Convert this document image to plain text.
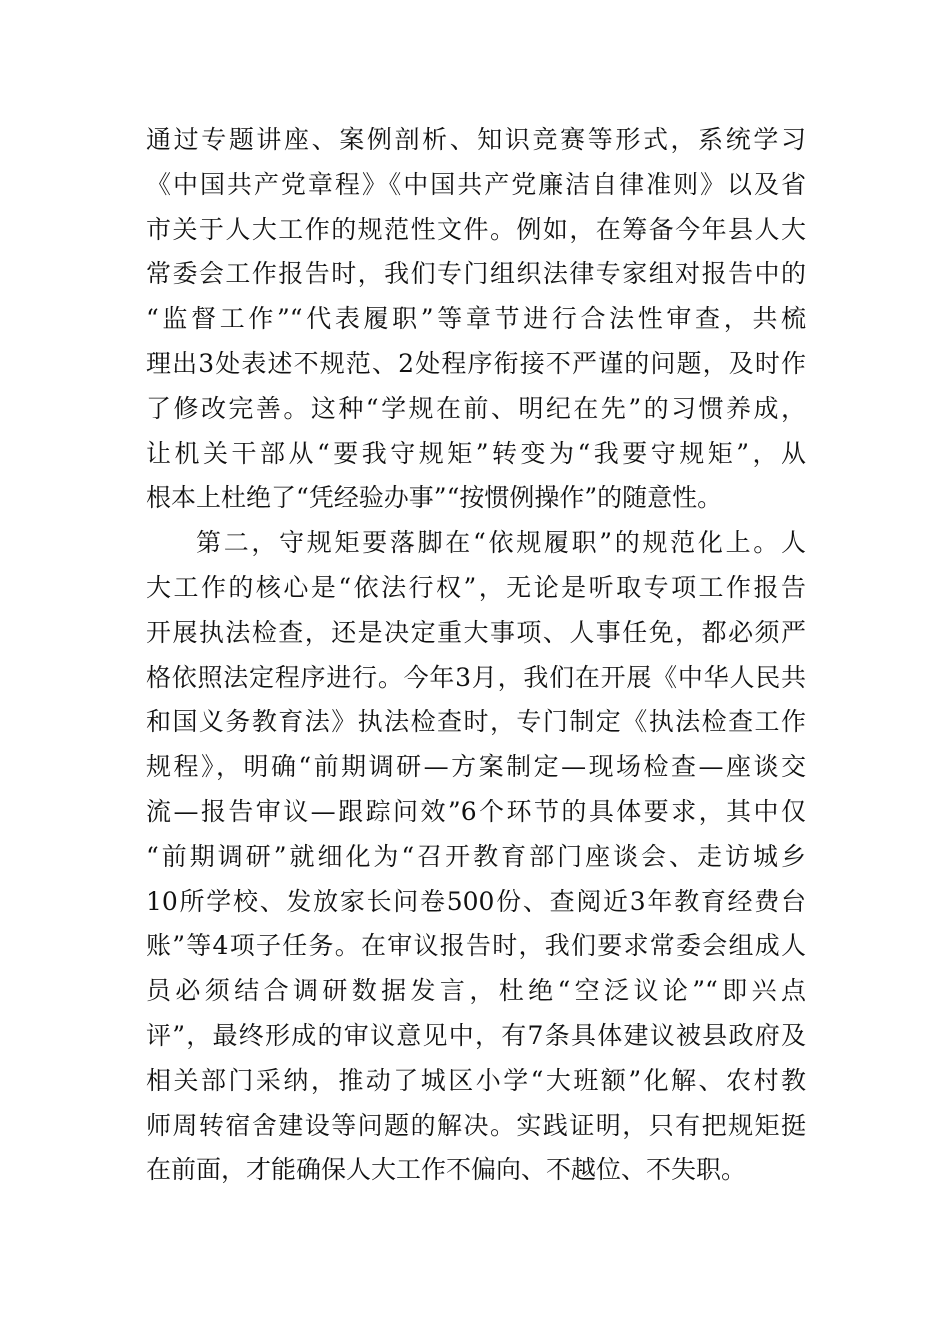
通过专题讲座、案例剖析、知识竞赛等形式，系统学习
《中国共产党章程》《中国共产党廉洁自律准则》以及省
市关于人大工作的规范性文件。例如，在筹备今年县人大
常委会工作报告时，我们专门组织法律专家组对报告中的
“监督工作”“代表履职”等章节进行合法性审查，共梳
理出3处表述不规范、2处程序衔接不严谨的问题，及时作
了修改完善。这种“学规在前、明纪在先”的习惯养成，
让机关干部从“要我守规矩”转变为“我要守规矩”，从
根本上杜绝了“凭经验办事”“按惯例操作”的随意性。
第二，守规矩要落脚在“依规履职”的规范化上。人
大工作的核心是“依法行权”，无论是听取专项工作报告
开展执法检查，还是决定重大事项、人事任免，都必须严
格依照法定程序进行。今年3月，我们在开展《中华人民共
和国义务教育法》执法检查时，专门制定《执法检查工作
规程》，明确“前期调研—方案制定—现场检查—座谈交
流—报告审议—跟踪问效”6个环节的具体要求，其中仅
“前期调研”就细化为“召开教育部门座谈会、走访城乡
10所学校、发放家长问卷500份、查阅近3年教育经费台
账”等4项子任务。在审议报告时，我们要求常委会组成人
员必须结合调研数据发言，杜绝“空泛议论”“即兴点
评”，最终形成的审议意见中，有7条具体建议被县政府及
相关部门采纳，推动了城区小学“大班额”化解、农村教
师周转宿舍建设等问题的解决。实践证明，只有把规矩挺
在前面，才能确保人大工作不偏向、不越位、不失职。
